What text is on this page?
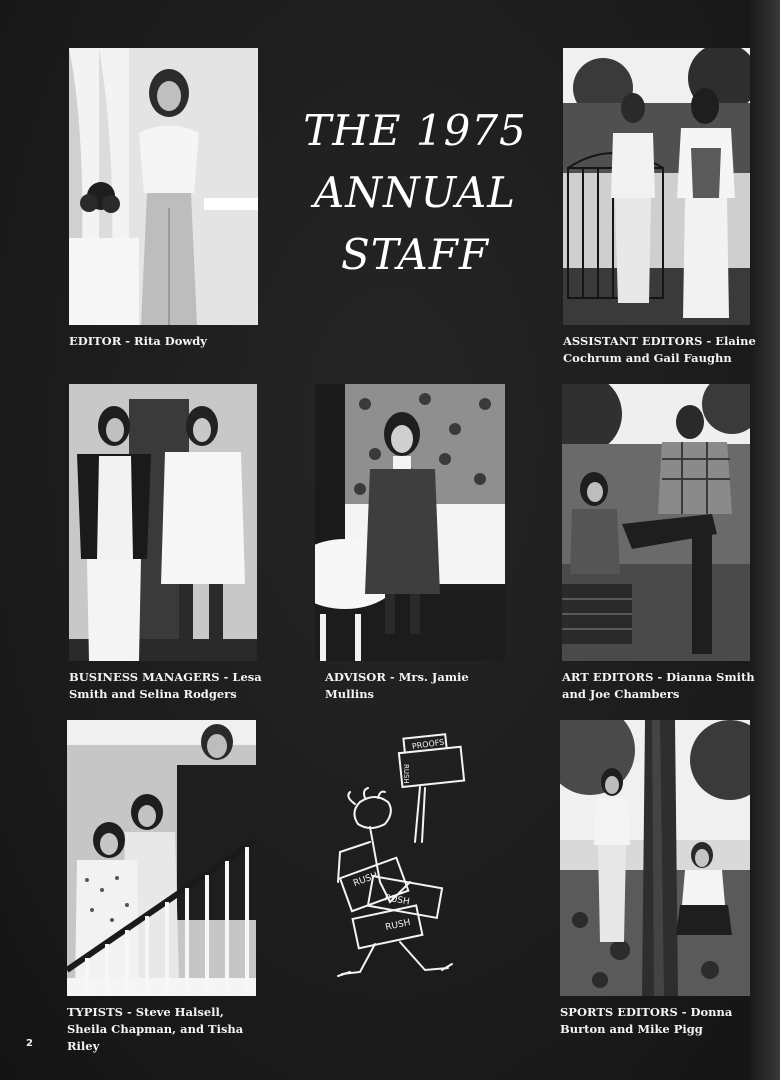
THE 1975
ANNUAL
STAFF
EDITOR - Rita Dowdy	ASSISTANT EDITORS - Elaine
Cochrum and Gail Faughn
BUSINESS MANAGERS - Lesa
Smith and Selina Rodgers
ADVISOR - Mrs. Jamie
Mullins
ART EDITORS - Dianna Smith
and Joe Chambers
TYPISTS - Steve Halsell,
Sheila Chapman, and Tisha
Riley
PROOFS
RUSH
RUSH
RUSH
RUSH
SPORTS EDITORS - Donna
Burton and Mike Pigg
2
